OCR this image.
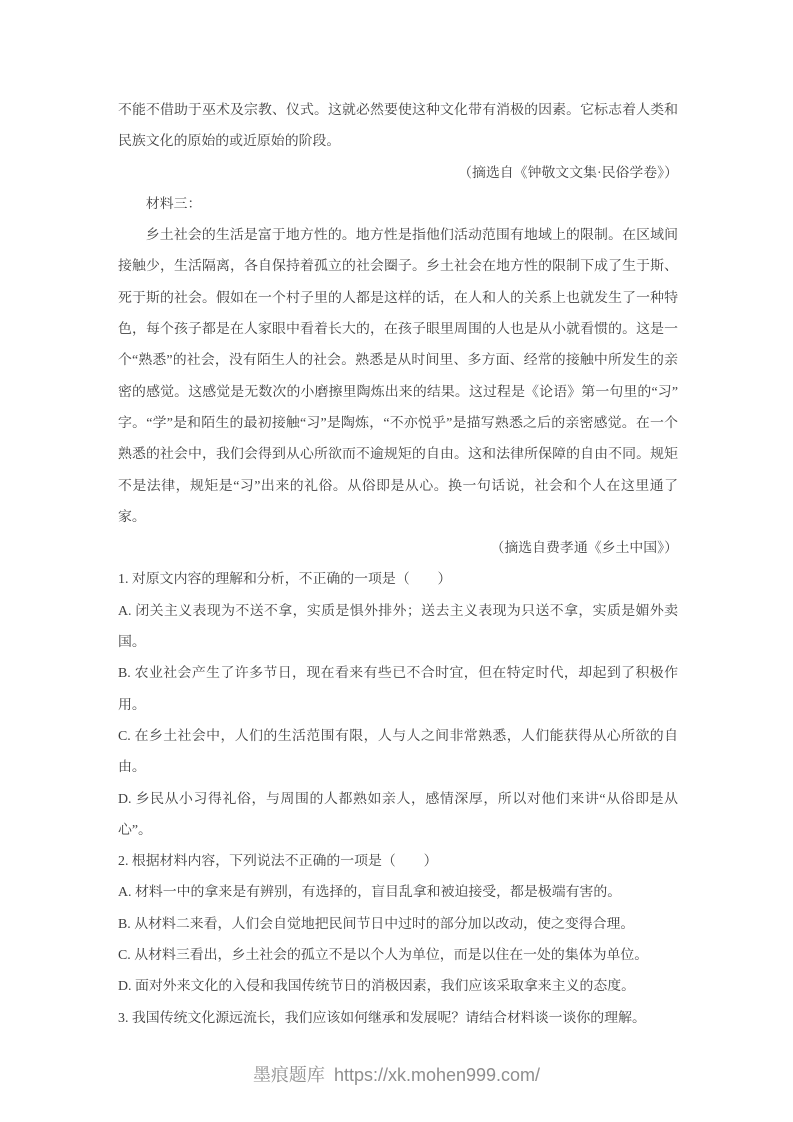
不能不借助于巫术及宗教、仪式。这就必然要使这种文化带有消极的因素。它标志着人类和民族文化的原始的或近原始的阶段。
（摘选自《钟敬文文集·民俗学卷》）
材料三：
乡土社会的生活是富于地方性的。地方性是指他们活动范围有地域上的限制。在区域间接触少，生活隔离，各自保持着孤立的社会圈子。乡土社会在地方性的限制下成了生于斯、死于斯的社会。假如在一个村子里的人都是这样的话，在人和人的关系上也就发生了一种特色，每个孩子都是在人家眼中看着长大的，在孩子眼里周围的人也是从小就看惯的。这是一个“熟悉”的社会，没有陌生人的社会。熟悉是从时间里、多方面、经常的接触中所发生的亲密的感觉。这感觉是无数次的小磨擦里陶炼出来的结果。这过程是《论语》第一句里的“习”字。“学”是和陌生的最初接触“习”是陶炼，“不亦悦乎”是描写熟悉之后的亲密感觉。在一个熟悉的社会中，我们会得到从心所欲而不逾规矩的自由。这和法律所保障的自由不同。规矩不是法律，规矩是“习”出来的礼俗。从俗即是从心。换一句话说，社会和个人在这里通了家。
（摘选自费孝通《乡土中国》）
1. 对原文内容的理解和分析，不正确的一项是（　　）
A. 闭关主义表现为不送不拿，实质是惧外排外；送去主义表现为只送不拿，实质是媚外卖国。
B. 农业社会产生了许多节日，现在看来有些已不合时宜，但在特定时代，却起到了积极作用。
C. 在乡土社会中，人们的生活范围有限，人与人之间非常熟悉，人们能获得从心所欲的自由。
D. 乡民从小习得礼俗，与周围的人都熟如亲人，感情深厚，所以对他们来讲“从俗即是从心”。
2. 根据材料内容，下列说法不正确的一项是（　　）
A. 材料一中的拿来是有辨别，有选择的，盲目乱拿和被迫接受，都是极端有害的。
B. 从材料二来看，人们会自觉地把民间节日中过时的部分加以改动，使之变得合理。
C. 从材料三看出，乡土社会的孤立不是以个人为单位，而是以住在一处的集体为单位。
D. 面对外来文化的入侵和我国传统节日的消极因素，我们应该采取拿来主义的态度。
3. 我国传统文化源远流长，我们应该如何继承和发展呢？请结合材料谈一谈你的理解。
墨痕题库 https://xk.mohen999.com/
